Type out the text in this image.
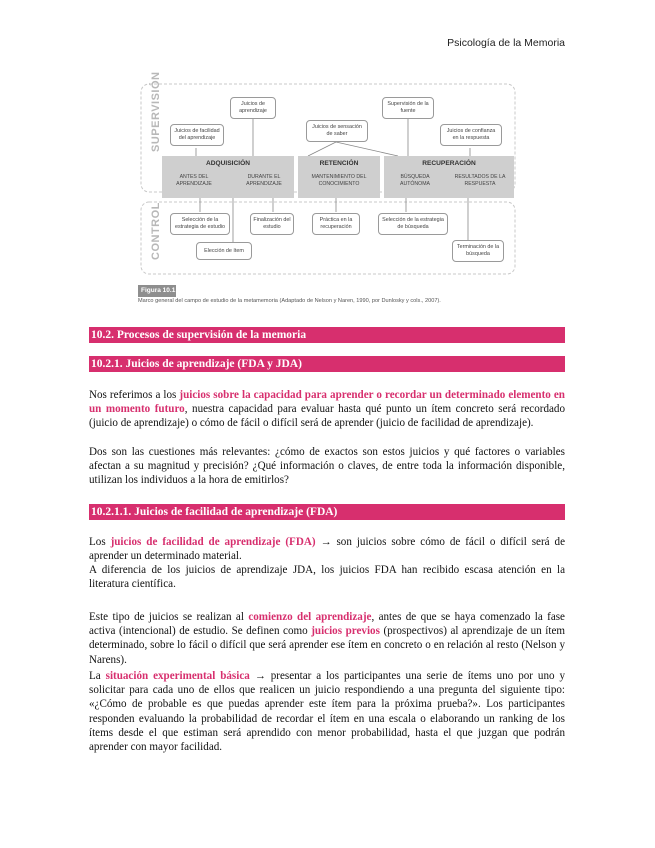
Psicología de la Memoria
SUPERVISIÓN
CONTROL
Juicios de aprendizaje
Juicios de facilidad del aprendizaje
Juicios de sensación de saber
Supervisión de la fuente
Juicios de confianza en la respuesta
ADQUISICIÓN
ANTES DEL APRENDIZAJE
DURANTE EL APRENDIZAJE
RETENCIÓN
MANTENIMIENTO DEL CONOCIMIENTO
RECUPERACIÓN
BÚSQUEDA AUTÓNOMA
RESULTADOS DE LA RESPUESTA
Selección de la estrategia de estudio
Finalización del estudio
Práctica en la recuperación
Selección de la estrategia de búsqueda
Elección de ítem
Terminación de la búsqueda
Figura 10.1
Marco general del campo de estudio de la metamemoria (Adaptado de Nelson y Naren, 1990, por Dunlosky y cols., 2007).
10.2. Procesos de supervisión de la memoria
10.2.1. Juicios de aprendizaje (FDA y JDA)

Nos referimos a los juicios sobre la capacidad para aprender o recordar un determinado elemento en un momento futuro, nuestra capacidad para evaluar hasta qué punto un ítem concreto será recordado (juicio de aprendizaje) o cómo de fácil o difícil será de aprender (juicio de facilidad de aprendizaje).

Dos son las cuestiones más relevantes: ¿cómo de exactos son estos juicios y qué factores o variables afectan a su magnitud y precisión? ¿Qué información o claves, de entre toda la información disponible, utilizan los individuos a la hora de emitirlos?

10.2.1.1. Juicios de facilidad de aprendizaje (FDA)

Los juicios de facilidad de aprendizaje (FDA) → son juicios sobre cómo de fácil o difícil será de aprender un determinado material.

A diferencia de los juicios de aprendizaje JDA, los juicios FDA han recibido escasa atención en la literatura científica.

Este tipo de juicios se realizan al comienzo del aprendizaje, antes de que se haya comenzado la fase activa (intencional) de estudio. Se definen como juicios previos (prospectivos) al aprendizaje de un ítem determinado, sobre lo fácil o difícil que será aprender ese ítem en concreto o en relación al resto (Nelson y Narens).

La situación experimental básica → presentar a los participantes una serie de ítems uno por uno y solicitar para cada uno de ellos que realicen un juicio respondiendo a una pregunta del siguiente tipo: «¿Cómo de probable es que puedas aprender este ítem para la próxima prueba?». Los participantes responden evaluando la probabilidad de recordar el ítem en una escala o elaborando un ranking de los ítems desde el que estiman será aprendido con menor probabilidad, hasta el que juzgan que podrán aprender con mayor facilidad.
